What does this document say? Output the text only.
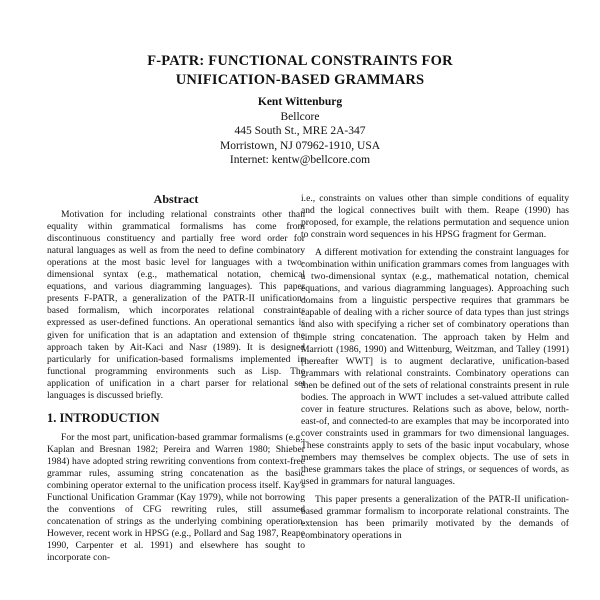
F-PATR: FUNCTIONAL CONSTRAINTS FOR
UNIFICATION-BASED GRAMMARS
Kent Wittenburg
Bellcore
445 South St., MRE 2A-347
Morristown, NJ 07962-1910, USA
Internet: kentw@bellcore.com
Abstract

Motivation for including relational constraints other than equality within grammatical formalisms has come from discontinuous constituency and partially free word order for natural languages as well as from the need to define combinatory operations at the most basic level for languages with a two-dimensional syntax (e.g., mathematical notation, chemical equations, and various diagramming languages). This paper presents F-PATR, a generalization of the PATR-II unification-based formalism, which incorporates relational constraints expressed as user-defined functions. An operational semantics is given for unification that is an adaptation and extension of the approach taken by Ait-Kaci and Nasr (1989). It is designed particularly for unification-based formalisms implemented in functional programming environments such as Lisp. The application of unification in a chart parser for relational set languages is discussed briefly.

1. INTRODUCTION

For the most part, unification-based grammar formalisms (e.g., Kaplan and Bresnan 1982; Pereira and Warren 1980; Shieber 1984) have adopted string rewriting conventions from context-free grammar rules, assuming string concatenation as the basic combining operator external to the unification process itself. Kay's Functional Unification Grammar (Kay 1979), while not borrowing the conventions of CFG rewriting rules, still assumed concatenation of strings as the underlying combining operation. However, recent work in HPSG (e.g., Pollard and Sag 1987, Reape 1990, Carpenter et al. 1991) and elsewhere has sought to incorporate con-

i.e., constraints on values other than simple conditions of equality and the logical connectives built with them. Reape (1990) has proposed, for example, the relations permutation and sequence union to constrain word sequences in his HPSG fragment for German.

A different motivation for extending the constraint languages for combination within unification grammars comes from languages with a two-dimensional syntax (e.g., mathematical notation, chemical equations, and various diagramming languages). Approaching such domains from a linguistic perspective requires that grammars be capable of dealing with a richer source of data types than just strings and also with specifying a richer set of combinatory operations than simple string concatenation. The approach taken by Helm and Marriott (1986, 1990) and Wittenburg, Weitzman, and Talley (1991) [hereafter WWT] is to augment declarative, unification-based grammars with relational constraints. Combinatory operations can then be defined out of the sets of relational constraints present in rule bodies. The approach in WWT includes a set-valued attribute called cover in feature structures. Relations such as above, below, north-east-of, and connected-to are examples that may be incorporated into cover constraints used in grammars for two dimensional languages. These constraints apply to sets of the basic input vocabulary, whose members may themselves be complex objects. The use of sets in these grammars takes the place of strings, or sequences of words, as used in grammars for natural languages.

This paper presents a generalization of the PATR-II unification-based grammar formalism to incorporate relational constraints. The extension has been primarily motivated by the demands of combinatory operations in
